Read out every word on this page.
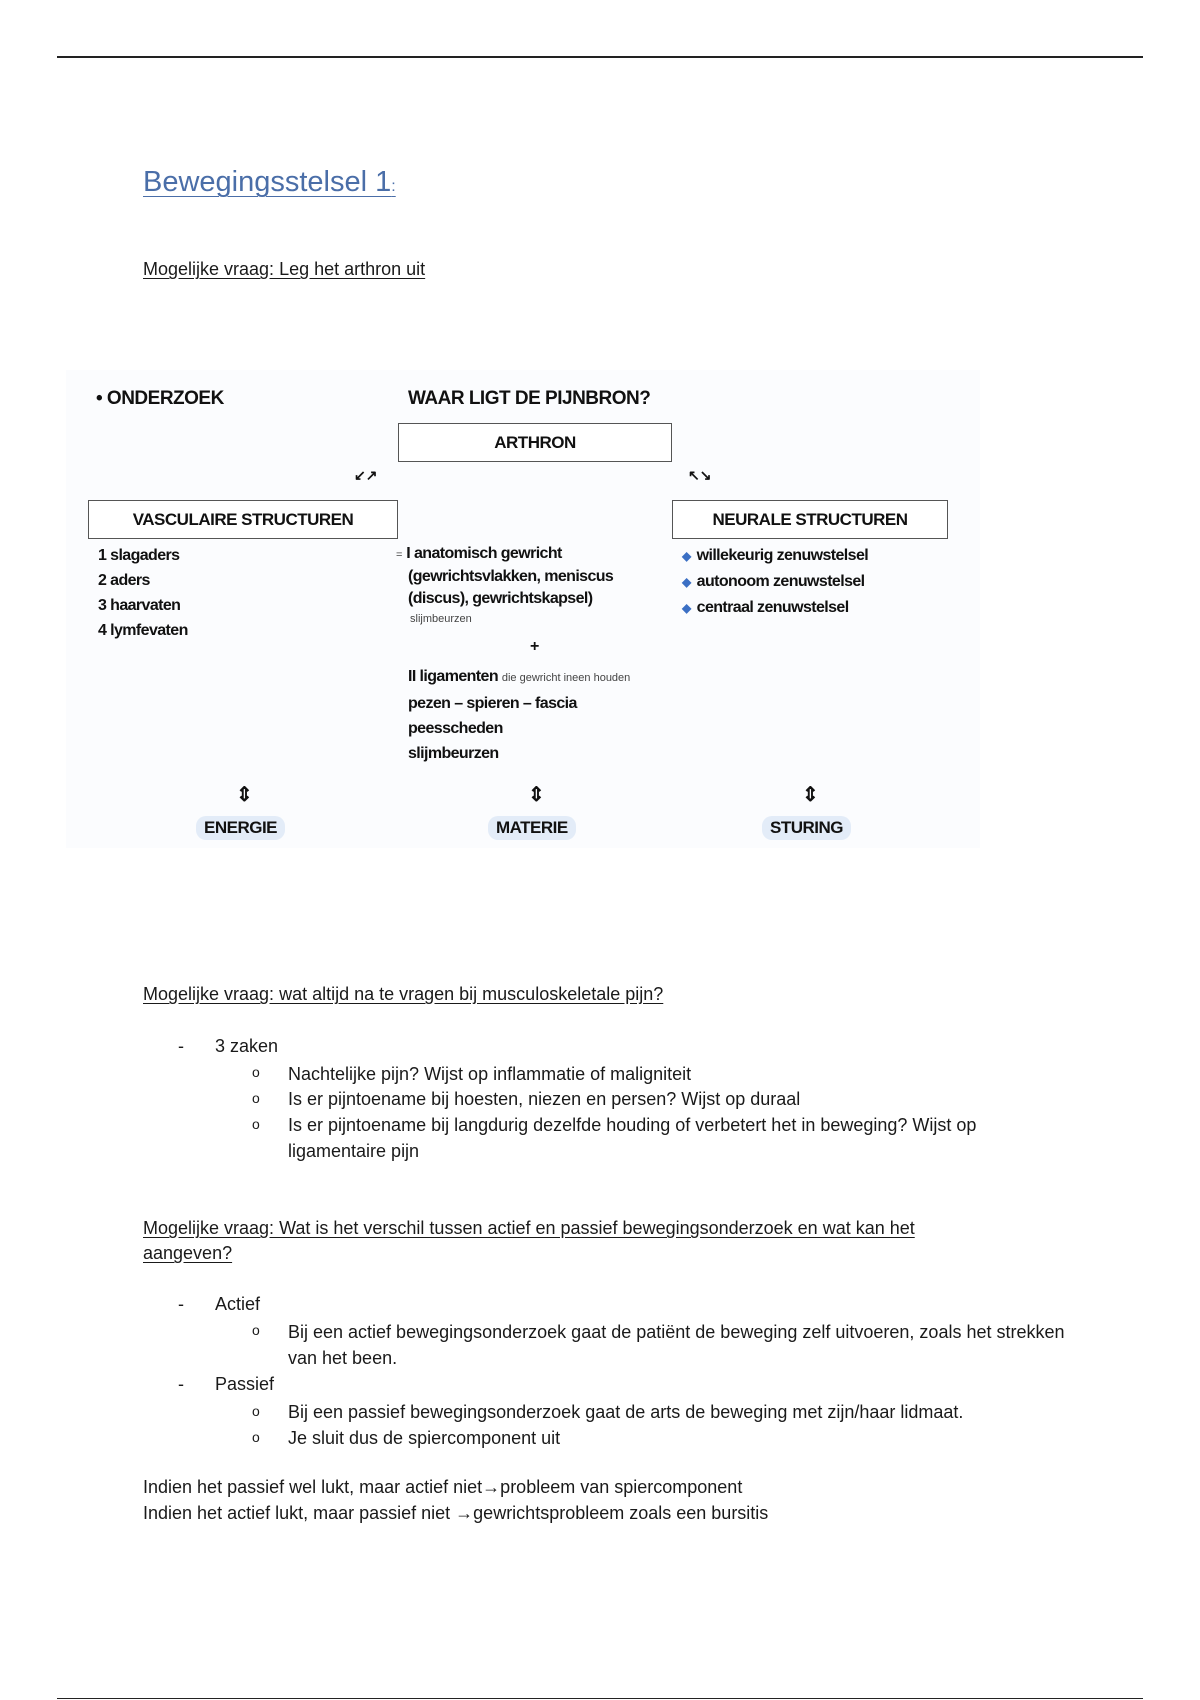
Bewegingsstelsel 1:
Mogelijke vraag: Leg het arthron uit
• ONDERZOEK	WAAR LIGT DE PIJNBRON?
ARTHRON
↙↗	↖↘
VASCULAIRE STRUCTUREN	NEURALE STRUCTUREN
1 slagaders
2 aders
3 haarvaten
4 lymfevaten
= I anatomisch gewricht
(gewrichtsvlakken, meniscus
(discus), gewrichtskapsel)
slijmbeurzen
+
II ligamenten die gewricht ineen houden
pezen – spieren – fascia
peesscheden
slijmbeurzen
◆ willekeurig zenuwstelsel
◆ autonoom zenuwstelsel
◆ centraal zenuwstelsel
⇕	⇕	⇕
ENERGIE	MATERIE	STURING
Mogelijke vraag: wat altijd na te vragen bij musculoskeletale pijn?
- 3 zaken
o Nachtelijke pijn? Wijst op inflammatie of maligniteit
o Is er pijntoename bij hoesten, niezen en persen? Wijst op duraal
o Is er pijntoename bij langdurig dezelfde houding of verbetert het in beweging? Wijst op ligamentaire pijn
Mogelijke vraag: Wat is het verschil tussen actief en passief bewegingsonderzoek en wat kan het aangeven?
- Actief
o Bij een actief bewegingsonderzoek gaat de patiënt de beweging zelf uitvoeren, zoals het strekken van het been.
- Passief
o Bij een passief bewegingsonderzoek gaat de arts de beweging met zijn/haar lidmaat.
o Je sluit dus de spiercomponent uit
Indien het passief wel lukt, maar actief niet→probleem van spiercomponent
Indien het actief lukt, maar passief niet →gewrichtsprobleem zoals een bursitis
